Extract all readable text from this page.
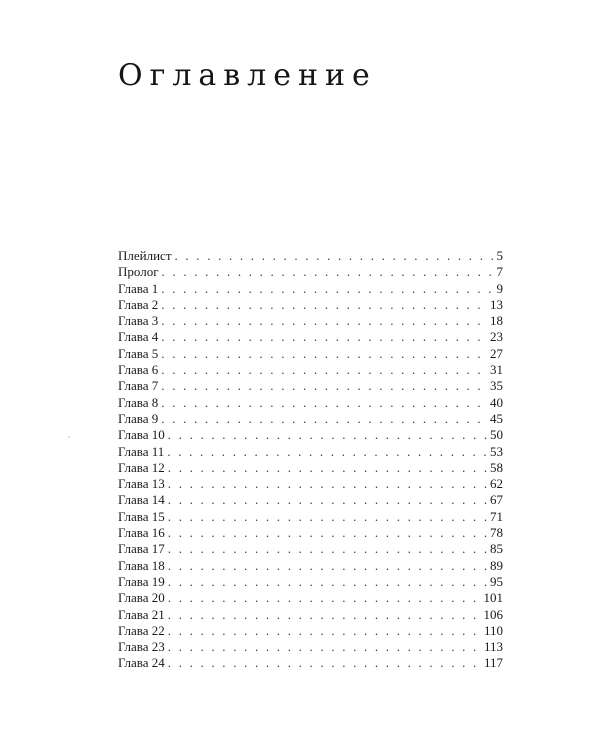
Оглавление
Плейлист . . .	5
Пролог . . .	7
Глава 1 . . .	9
Глава 2 . . .	13
Глава 3 . . .	18
Глава 4 . . .	23
Глава 5 . . .	27
Глава 6 . . .	31
Глава 7 . . .	35
Глава 8 . . .	40
Глава 9 . . .	45
Глава 10 . . .	50
Глава 11 . . .	53
Глава 12 . . .	58
Глава 13 . . .	62
Глава 14 . . .	67
Глава 15 . . .	71
Глава 16 . . .	78
Глава 17 . . .	85
Глава 18 . . .	89
Глава 19 . . .	95
Глава 20 . . .	101
Глава 21 . . .	106
Глава 22 . . .	110
Глава 23 . . .	113
Глава 24 . . .	117
